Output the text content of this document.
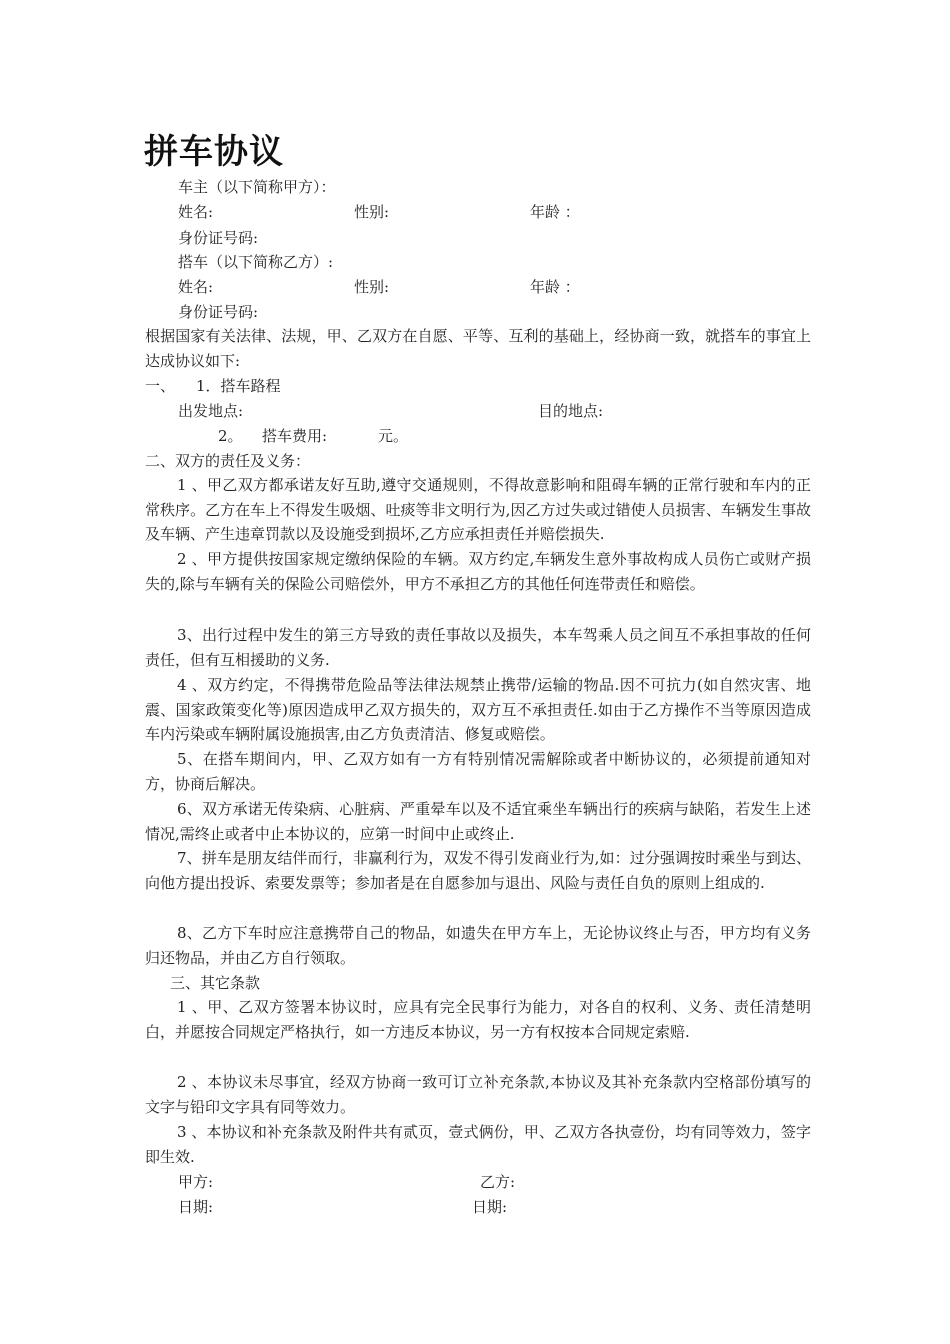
拼车协议
车主（以下简称甲方）：
姓名:	性别:	年龄 ：
身份证号码:
搭车（以下简称乙方）:
姓名:	性别:	年龄 ：
身份证号码:
根据国家有关法律、法规，甲、乙双方在自愿、平等、互利的基础上，经协商一致，就搭车的事宜上达成协议如下:
一、 1．搭车路程
出发地点:	目的地点:
2。 搭车费用:	元。
二、双方的责任及义务：
1 、甲乙双方都承诺友好互助,遵守交通规则，不得故意影响和阻碍车辆的正常行驶和车内的正常秩序。乙方在车上不得发生吸烟、吐痰等非文明行为,因乙方过失或过错使人员损害、车辆发生事故及车辆、产生违章罚款以及设施受到损坏,乙方应承担责任并赔偿损失.
2 、甲方提供按国家规定缴纳保险的车辆。双方约定,车辆发生意外事故构成人员伤亡或财产损失的,除与车辆有关的保险公司赔偿外，甲方不承担乙方的其他任何连带责任和赔偿。
3、出行过程中发生的第三方导致的责任事故以及损失，本车驾乘人员之间互不承担事故的任何责任，但有互相援助的义务.
4 、双方约定，不得携带危险品等法律法规禁止携带/运输的物品.因不可抗力(如自然灾害、地震、国家政策变化等)原因造成甲乙双方损失的，双方互不承担责任.如由于乙方操作不当等原因造成车内污染或车辆附属设施损害,由乙方负责清洁、修复或赔偿。
5、在搭车期间内，甲、乙双方如有一方有特别情况需解除或者中断协议的，必须提前通知对方，协商后解决。
6、双方承诺无传染病、心脏病、严重晕车以及不适宜乘坐车辆出行的疾病与缺陷，若发生上述情况,需终止或者中止本协议的，应第一时间中止或终止.
7、拼车是朋友结伴而行，非赢利行为，双发不得引发商业行为,如：过分强调按时乘坐与到达、向他方提出投诉、索要发票等；参加者是在自愿参加与退出、风险与责任自负的原则上组成的.
8、乙方下车时应注意携带自己的物品，如遗失在甲方车上，无论协议终止与否，甲方均有义务归还物品，并由乙方自行领取。
三、其它条款
1 、甲、乙双方签署本协议时，应具有完全民事行为能力，对各自的权利、义务、责任清楚明白，并愿按合同规定严格执行，如一方违反本协议，另一方有权按本合同规定索赔.
2 、本协议未尽事宜，经双方协商一致可订立补充条款,本协议及其补充条款内空格部份填写的文字与铅印文字具有同等效力。
3 、本协议和补充条款及附件共有贰页，壹式俩份，甲、乙双方各执壹份，均有同等效力，签字即生效.
甲方:	乙方:
日期:	日期:
